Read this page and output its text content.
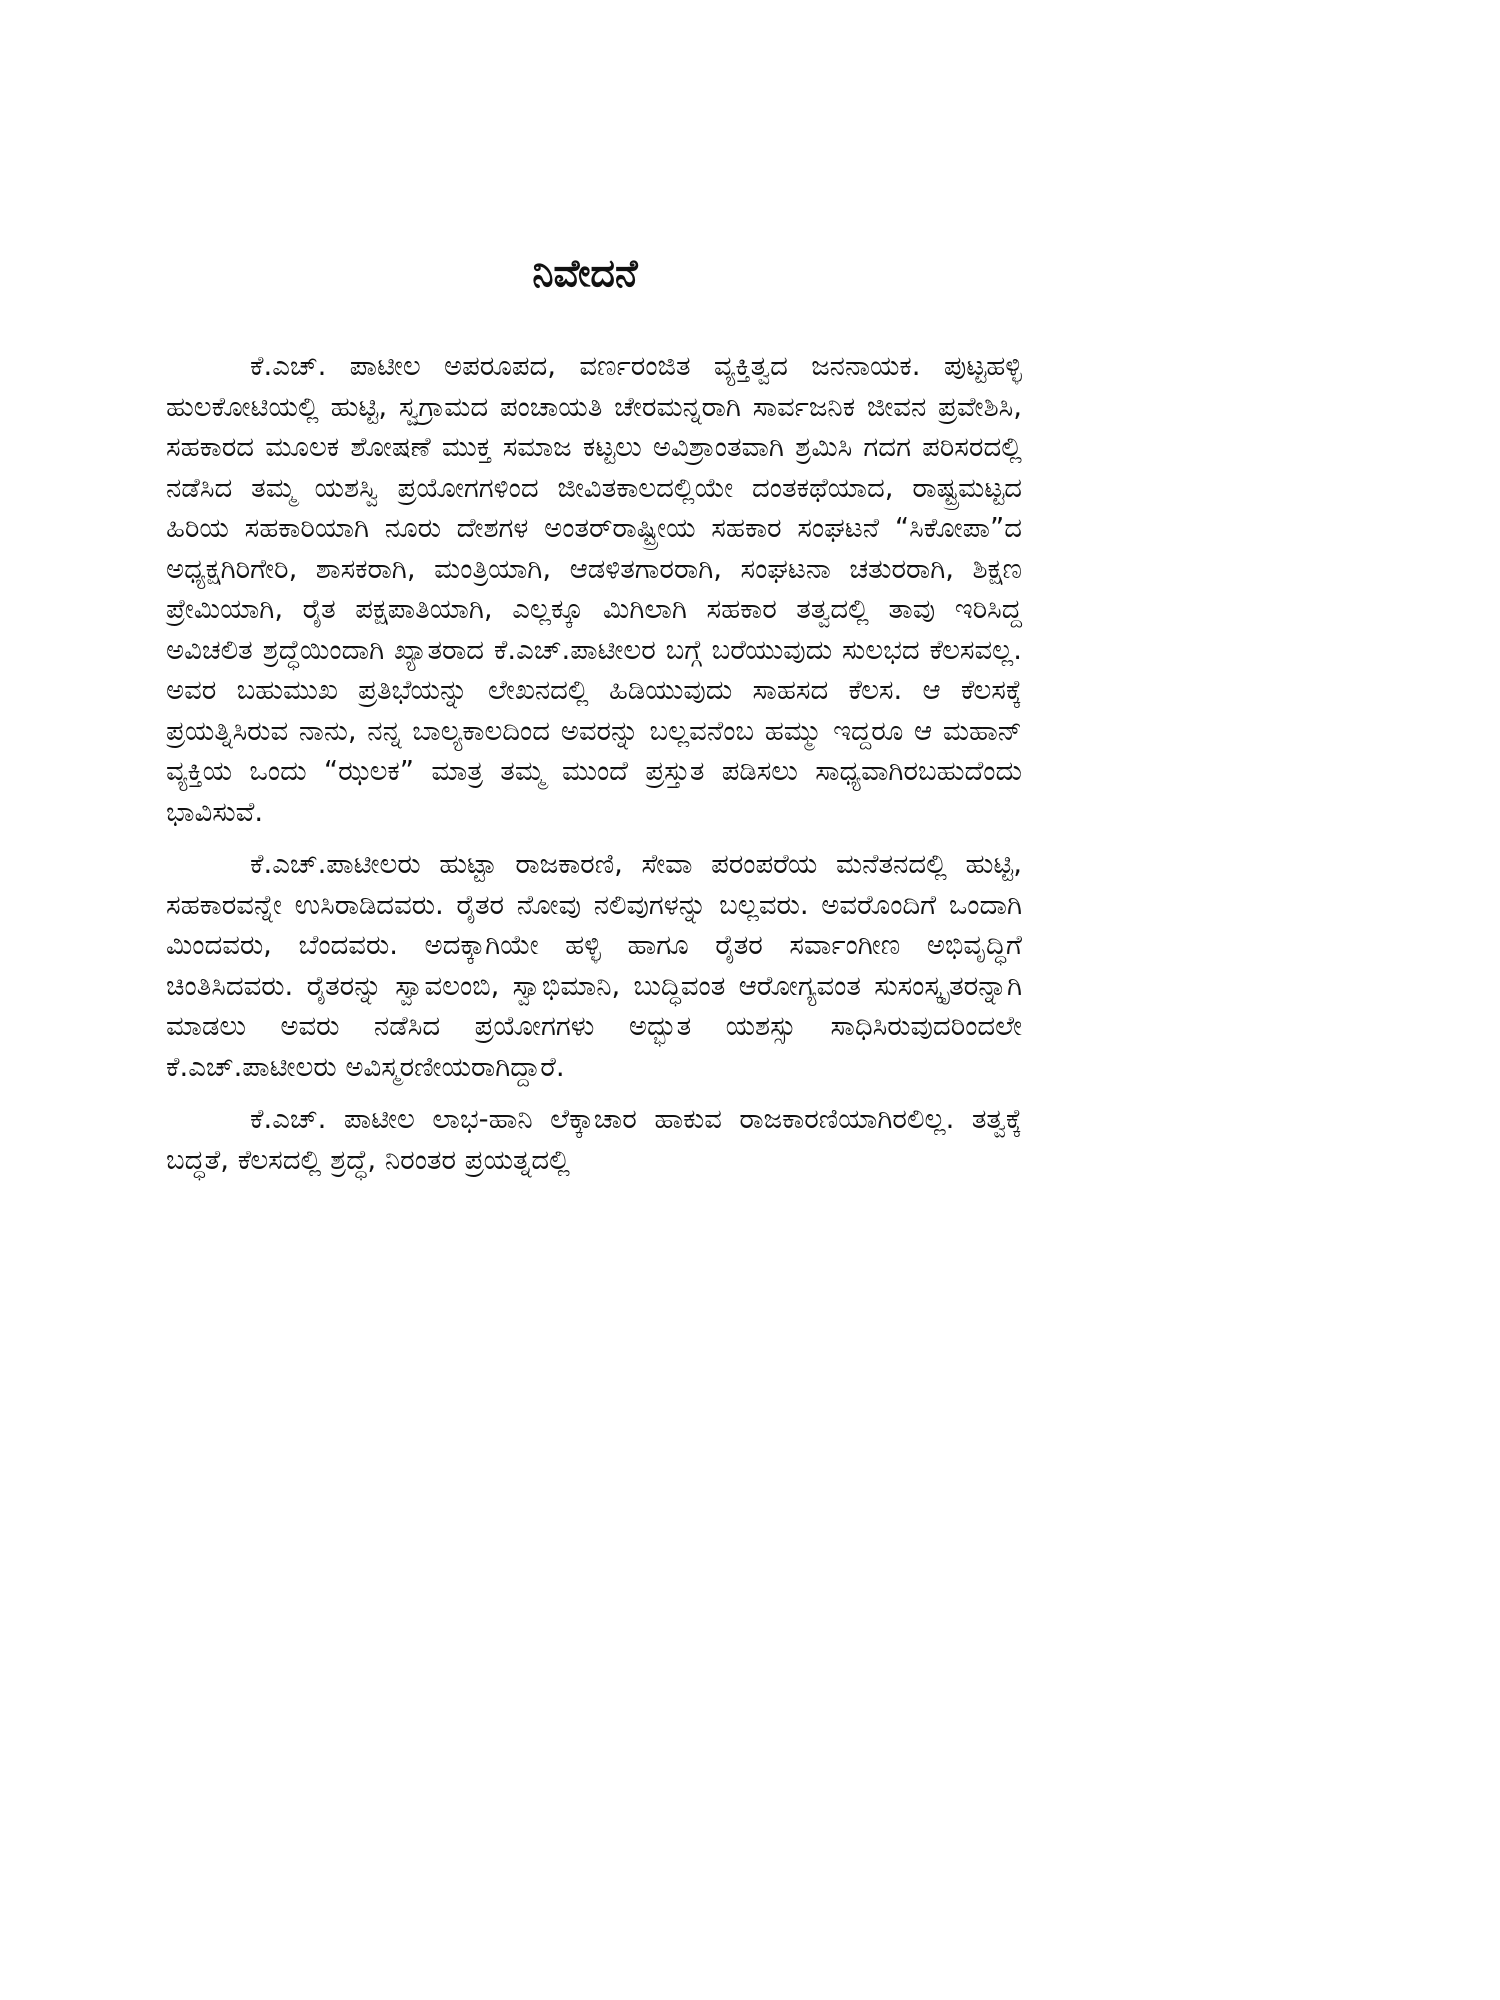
ನಿವೇದನೆ

ಕೆ.ಎಚ್. ಪಾಟೀಲ ಅಪರೂಪದ, ವರ್ಣರಂಜಿತ ವ್ಯಕ್ತಿತ್ವದ ಜನನಾಯಕ. ಪುಟ್ಟಹಳ್ಳಿ ಹುಲಕೋಟಿಯಲ್ಲಿ ಹುಟ್ಟಿ, ಸ್ವಗ್ರಾಮದ ಪಂಚಾಯತಿ ಚೇರಮನ್ನರಾಗಿ ಸಾರ್ವಜನಿಕ ಜೀವನ ಪ್ರವೇಶಿಸಿ, ಸಹಕಾರದ ಮೂಲಕ ಶೋಷಣೆ ಮುಕ್ತ ಸಮಾಜ ಕಟ್ಟಲು ಅವಿಶ್ರಾಂತವಾಗಿ ಶ್ರಮಿಸಿ ಗದಗ ಪರಿಸರದಲ್ಲಿ ನಡೆಸಿದ ತಮ್ಮ ಯಶಸ್ವಿ ಪ್ರಯೋಗಗಳಿಂದ ಜೀವಿತಕಾಲದಲ್ಲಿಯೇ ದಂತಕಥೆಯಾದ, ರಾಷ್ಟ್ರಮಟ್ಟದ ಹಿರಿಯ ಸಹಕಾರಿಯಾಗಿ ನೂರು ದೇಶಗಳ ಅಂತರ್‌ರಾಷ್ಟ್ರೀಯ ಸಹಕಾರ ಸಂಘಟನೆ “ಸಿಕೋಪಾ”ದ ಅಧ್ಯಕ್ಷಗಿರಿಗೇರಿ, ಶಾಸಕರಾಗಿ, ಮಂತ್ರಿಯಾಗಿ, ಆಡಳಿತಗಾರರಾಗಿ, ಸಂಘಟನಾ ಚತುರರಾಗಿ, ಶಿಕ್ಷಣ ಪ್ರೇಮಿಯಾಗಿ, ರೈತ ಪಕ್ಷಪಾತಿಯಾಗಿ, ಎಲ್ಲಕ್ಕೂ ಮಿಗಿಲಾಗಿ ಸಹಕಾರ ತತ್ವದಲ್ಲಿ ತಾವು ಇರಿಸಿದ್ದ ಅವಿಚಲಿತ ಶ್ರದ್ಧೆಯಿಂದಾಗಿ ಖ್ಯಾತರಾದ ಕೆ.ಎಚ್.ಪಾಟೀಲರ ಬಗ್ಗೆ ಬರೆಯುವುದು ಸುಲಭದ ಕೆಲಸವಲ್ಲ. ಅವರ ಬಹುಮುಖ ಪ್ರತಿಭೆಯನ್ನು ಲೇಖನದಲ್ಲಿ ಹಿಡಿಯುವುದು ಸಾಹಸದ ಕೆಲಸ. ಆ ಕೆಲಸಕ್ಕೆ ಪ್ರಯತ್ನಿಸಿರುವ ನಾನು, ನನ್ನ ಬಾಲ್ಯಕಾಲದಿಂದ ಅವರನ್ನು ಬಲ್ಲವನೆಂಬ ಹಮ್ಮು ಇದ್ದರೂ ಆ ಮಹಾನ್ ವ್ಯಕ್ತಿಯ ಒಂದು “ಝಲಕ” ಮಾತ್ರ ತಮ್ಮ ಮುಂದೆ ಪ್ರಸ್ತುತ ಪಡಿಸಲು ಸಾಧ್ಯವಾಗಿರಬಹುದೆಂದು ಭಾವಿಸುವೆ.

ಕೆ.ಎಚ್.ಪಾಟೀಲರು ಹುಟ್ಟಾ ರಾಜಕಾರಣಿ, ಸೇವಾ ಪರಂಪರೆಯ ಮನೆತನದಲ್ಲಿ ಹುಟ್ಟಿ, ಸಹಕಾರವನ್ನೇ ಉಸಿರಾಡಿದವರು. ರೈತರ ನೋವು ನಲಿವುಗಳನ್ನು ಬಲ್ಲವರು. ಅವರೊಂದಿಗೆ ಒಂದಾಗಿ ಮಿಂದವರು, ಬೆಂದವರು. ಅದಕ್ಕಾಗಿಯೇ ಹಳ್ಳಿ ಹಾಗೂ ರೈತರ ಸರ್ವಾಂಗೀಣ ಅಭಿವೃದ್ಧಿಗೆ ಚಿಂತಿಸಿದವರು. ರೈತರನ್ನು ಸ್ವಾವಲಂಬಿ, ಸ್ವಾಭಿಮಾನಿ, ಬುದ್ಧಿವಂತ ಆರೋಗ್ಯವಂತ ಸುಸಂಸ್ಕೃತರನ್ನಾಗಿ ಮಾಡಲು ಅವರು ನಡೆಸಿದ ಪ್ರಯೋಗಗಳು ಅದ್ಭುತ ಯಶಸ್ಸು ಸಾಧಿಸಿರುವುದರಿಂದಲೇ ಕೆ.ಎಚ್.ಪಾಟೀಲರು ಅವಿಸ್ಮರಣೀಯರಾಗಿದ್ದಾರೆ.

ಕೆ.ಎಚ್. ಪಾಟೀಲ ಲಾಭ-ಹಾನಿ ಲೆಕ್ಕಾಚಾರ ಹಾಕುವ ರಾಜಕಾರಣಿಯಾಗಿರಲಿಲ್ಲ. ತತ್ವಕ್ಕೆ ಬದ್ಧತೆ, ಕೆಲಸದಲ್ಲಿ ಶ್ರದ್ಧೆ, ನಿರಂತರ ಪ್ರಯತ್ನದಲ್ಲಿ
